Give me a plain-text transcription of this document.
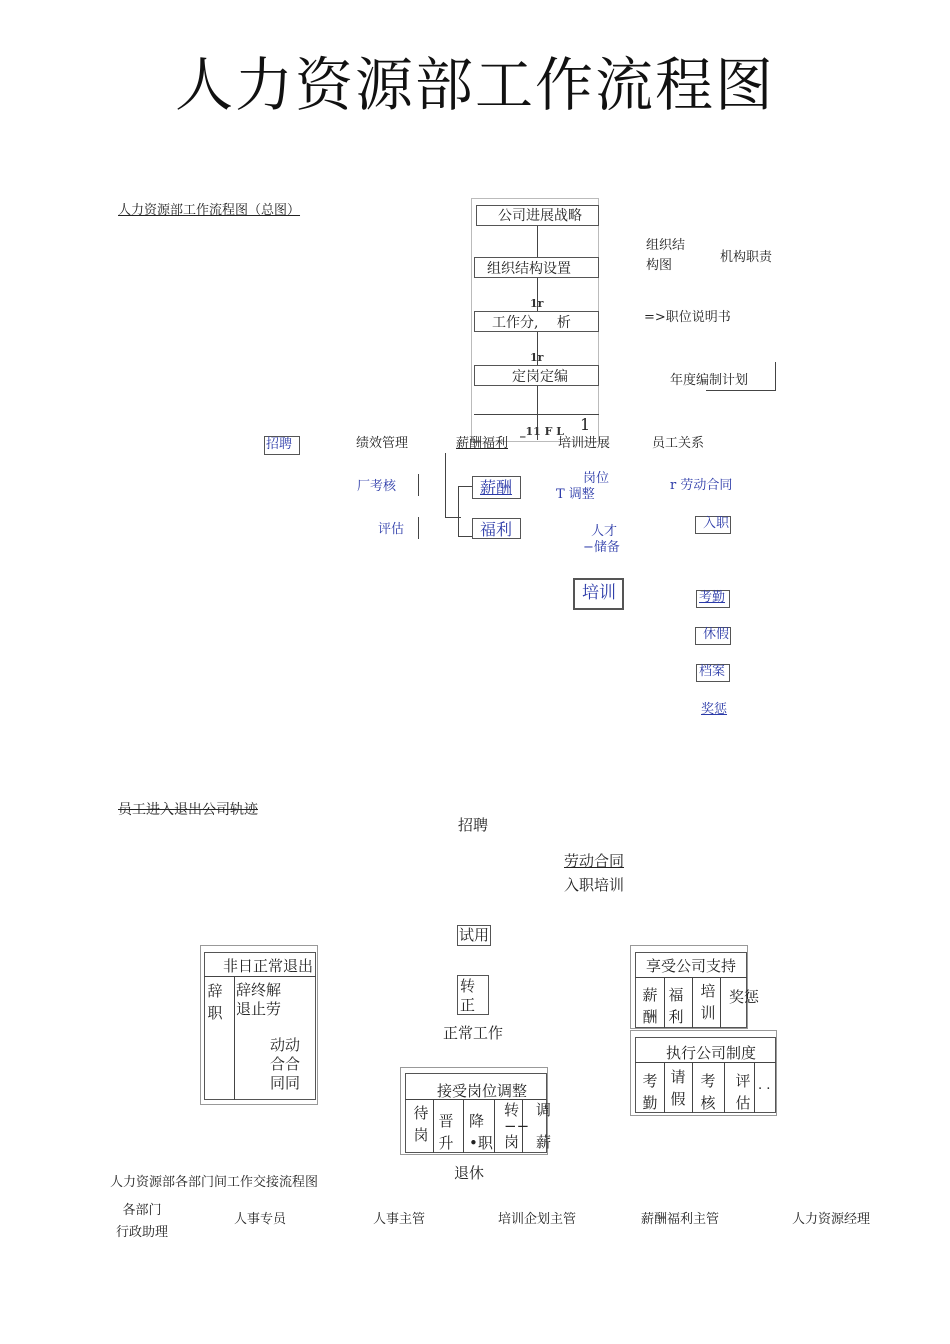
人力资源部工作流程图
人力资源部工作流程图（总图）	公司进展战略
组织结构设置
1r
工作分,　 析
1r
定岗定编
_11 F L 1
组织结
构图
机构职责
=>职位说明书
年度编制计划
招聘	绩效管理	薪酬福利	培训进展	员工关系
厂考核
评估
薪酬
福利
岗位
T 调整
人才
−储备
培训
r 劳动合同
入职
考勤
休假
档案
奖惩
员工进入退出公司轨迹
招聘
劳动合同
入职培训
试用
转
正
正常工作
退休
非日正常退出
辞职
辞终解
退止劳
动动
合合
同同
享受公司支持
薪酬
福利
培训
奖惩
执行公司制度
考勤
请假
考核
评估
. .
接受岗位调整
待岗
晋升
降
•职
转
−−
岗
调

薪
人力资源部各部门间工作交接流程图
各部门
行政助理
人事专员	人事主管	培训企划主管	薪酬福利主管	人力资源经理
